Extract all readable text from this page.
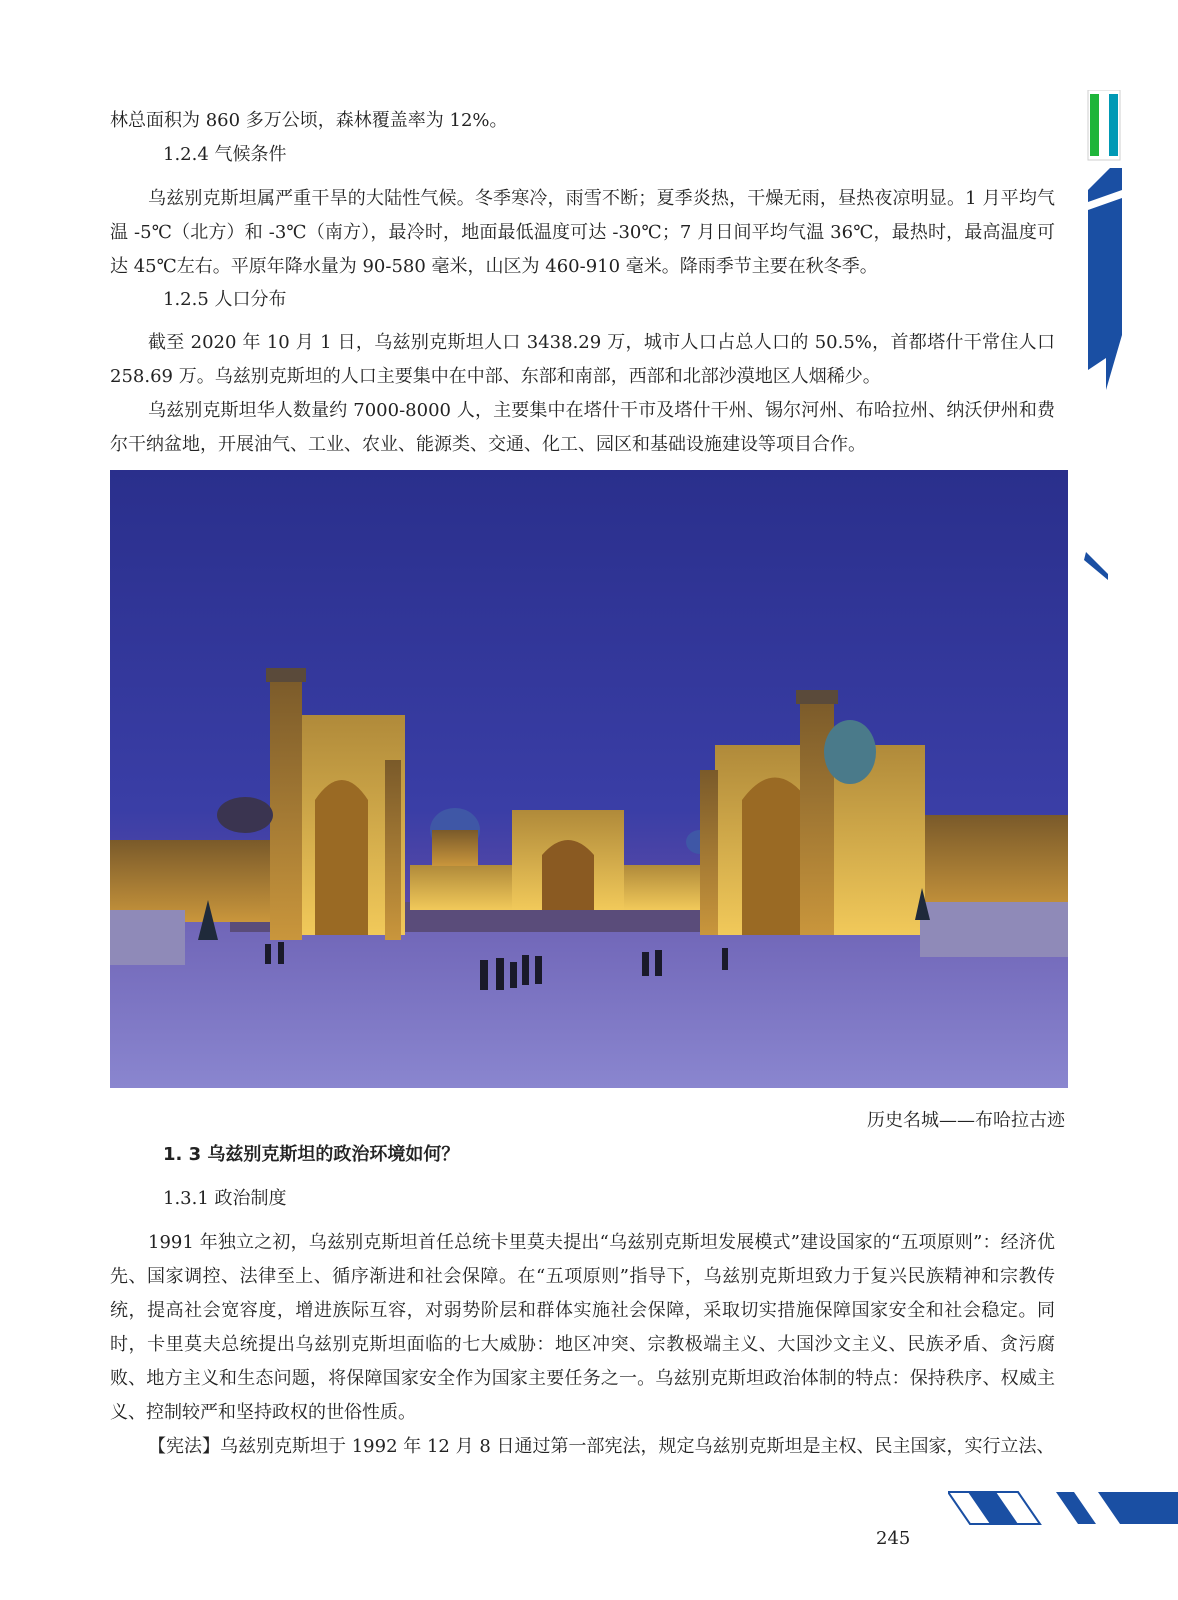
林总面积为 860 多万公顷，森林覆盖率为 12%。

1.2.4 气候条件

乌兹别克斯坦属严重干旱的大陆性气候。冬季寒冷，雨雪不断；夏季炎热，干燥无雨，昼热夜凉明显。1 月平均气温 -5℃（北方）和 -3℃（南方），最冷时，地面最低温度可达 -30℃；7 月日间平均气温 36℃，最热时，最高温度可达 45℃左右。平原年降水量为 90-580 毫米，山区为 460-910 毫米。降雨季节主要在秋冬季。

1.2.5 人口分布

截至 2020 年 10 月 1 日，乌兹别克斯坦人口 3438.29 万，城市人口占总人口的 50.5%，首都塔什干常住人口 258.69 万。乌兹别克斯坦的人口主要集中在中部、东部和南部，西部和北部沙漠地区人烟稀少。

乌兹别克斯坦华人数量约 7000-8000 人，主要集中在塔什干市及塔什干州、锡尔河州、布哈拉州、纳沃伊州和费尔干纳盆地，开展油气、工业、农业、能源类、交通、化工、园区和基础设施建设等项目合作。

历史名城——布哈拉古迹

1. 3 乌兹别克斯坦的政治环境如何？

1.3.1 政治制度

1991 年独立之初，乌兹别克斯坦首任总统卡里莫夫提出“乌兹别克斯坦发展模式”建设国家的“五项原则”：经济优先、国家调控、法律至上、循序渐进和社会保障。在“五项原则”指导下，乌兹别克斯坦致力于复兴民族精神和宗教传统，提高社会宽容度，增进族际互容，对弱势阶层和群体实施社会保障，采取切实措施保障国家安全和社会稳定。同时，卡里莫夫总统提出乌兹别克斯坦面临的七大威胁：地区冲突、宗教极端主义、大国沙文主义、民族矛盾、贪污腐败、地方主义和生态问题，将保障国家安全作为国家主要任务之一。乌兹别克斯坦政治体制的特点：保持秩序、权威主义、控制较严和坚持政权的世俗性质。

【宪法】乌兹别克斯坦于 1992 年 12 月 8 日通过第一部宪法，规定乌兹别克斯坦是主权、民主国家，实行立法、

245
